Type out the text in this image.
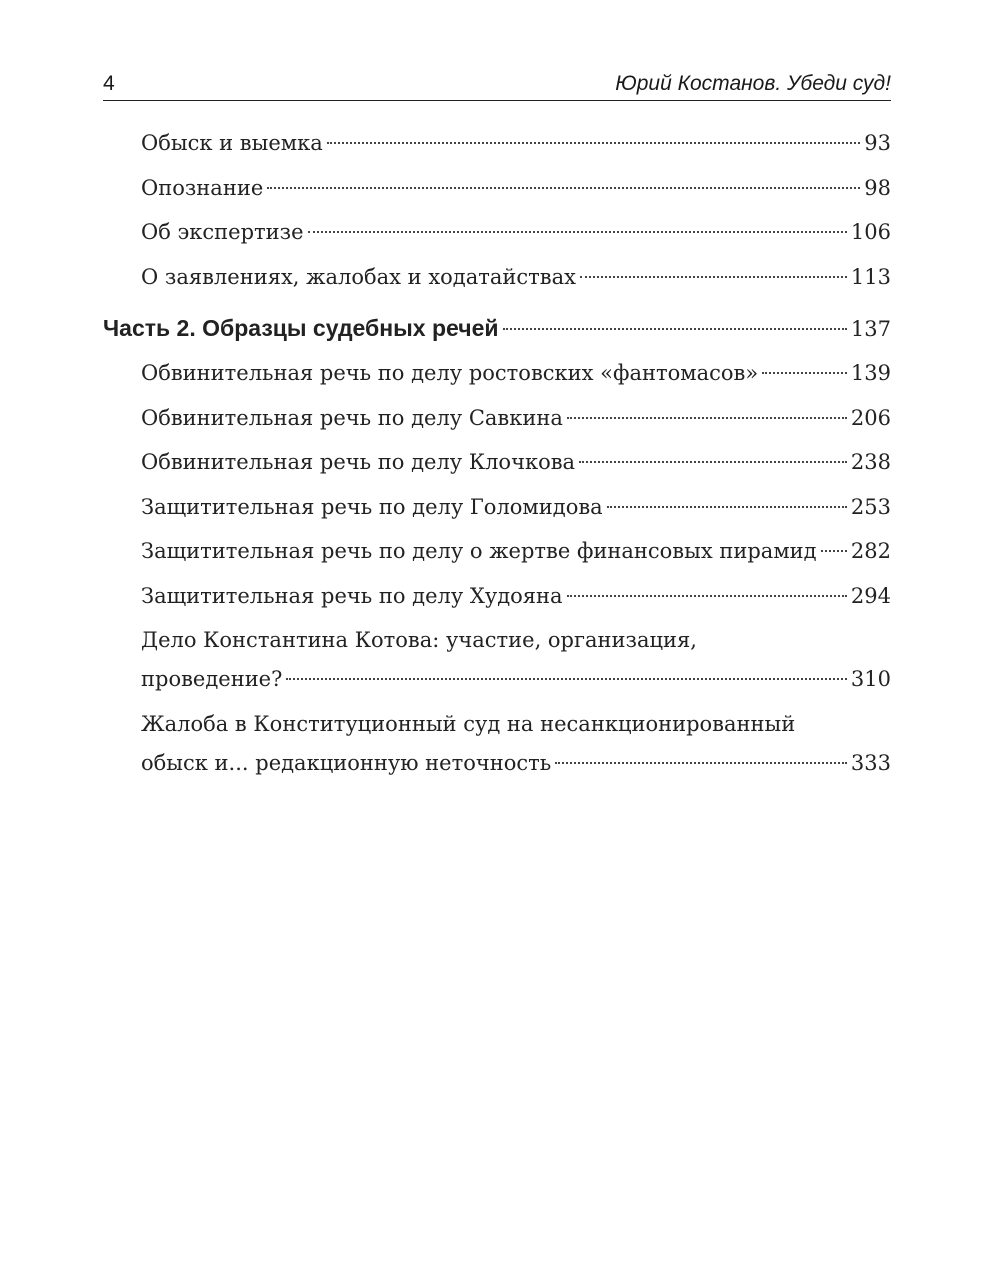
4	Юрий Костанов. Убеди суд!
Обыск и выемка	93
Опознание	98
Об экспертизе	106
О заявлениях, жалобах и ходатайствах	113
Часть 2. Образцы судебных речей	137
Обвинительная речь по делу ростовских «фантомасов»	139
Обвинительная речь по делу Савкина	206
Обвинительная речь по делу Клочкова	238
Защитительная речь по делу Голомидова	253
Защитительная речь по делу о жертве финансовых пирамид 282
Защитительная речь по делу Худояна	294
Дело Константина Котова: участие, организация,
проведение?	310
Жалоба в Конституционный суд на несанкционированный
обыск и... редакционную неточность	333
